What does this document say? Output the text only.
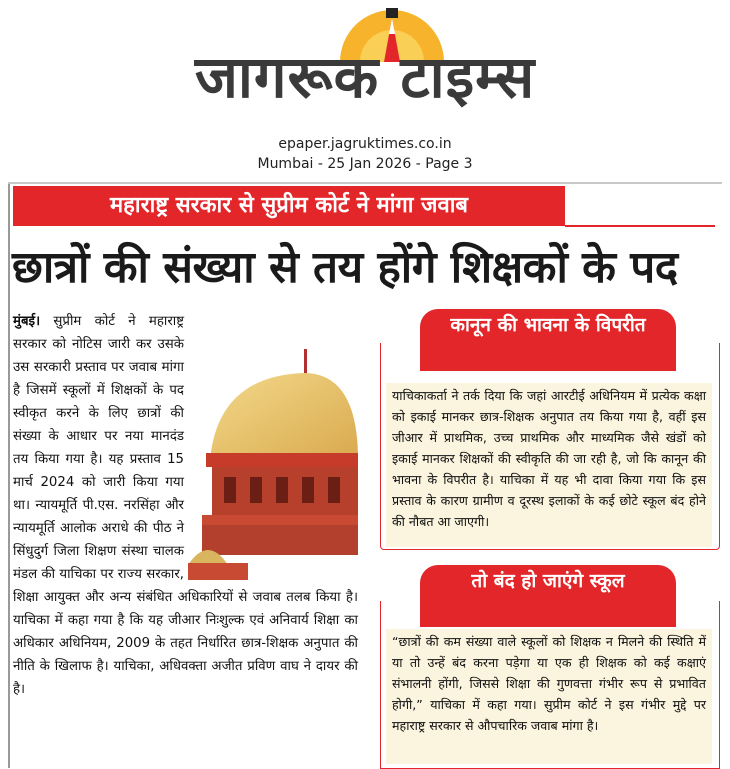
जागरूक टाइम्स
epaper.jagruktimes.co.in
Mumbai - 25 Jan 2026 - Page 3
महाराष्ट्र सरकार से सुप्रीम कोर्ट ने मांगा जवाब
छात्रों की संख्या से तय होंगे शिक्षकों के पद

मुंबई। सुप्रीम कोर्ट ने महाराष्ट्र सरकार को नोटिस जारी कर उसके उस सरकारी प्रस्ताव पर जवाब मांगा है जिसमें स्कूलों में शिक्षकों के पद स्वीकृत करने के लिए छात्रों की संख्या के आधार पर नया मानदंड तय किया गया है। यह प्रस्ताव 15 मार्च 2024 को जारी किया गया था। न्यायमूर्ति पी.एस. नरसिंहा और न्यायमूर्ति आलोक अराधे की पीठ ने सिंधुदुर्ग जिला शिक्षण संस्था चालक मंडल की याचिका पर राज्य सरकार, शिक्षा आयुक्त और अन्य संबंधित अधिकारियों से जवाब तलब किया है। याचिका में कहा गया है कि यह जीआर निःशुल्क एवं अनिवार्य शिक्षा का अधिकार अधिनियम, 2009 के तहत निर्धारित छात्र-शिक्षक अनुपात की नीति के खिलाफ है। याचिका, अधिवक्ता अजीत प्रविण वाघ ने दायर की है।

कानून की भावना के विपरीत
याचिकाकर्ता ने तर्क दिया कि जहां आरटीई अधिनियम में प्रत्येक कक्षा को इकाई मानकर छात्र-शिक्षक अनुपात तय किया गया है, वहीं इस जीआर में प्राथमिक, उच्च प्राथमिक और माध्यमिक जैसे खंडों को इकाई मानकर शिक्षकों की स्वीकृति की जा रही है, जो कि कानून की भावना के विपरीत है। याचिका में यह भी दावा किया गया कि इस प्रस्ताव के कारण ग्रामीण व दूरस्थ इलाकों के कई छोटे स्कूल बंद होने की नौबत आ जाएगी।
तो बंद हो जाएंगे स्कूल
“छात्रों की कम संख्या वाले स्कूलों को शिक्षक न मिलने की स्थिति में या तो उन्हें बंद करना पड़ेगा या एक ही शिक्षक को कई कक्षाएं संभालनी होंगी, जिससे शिक्षा की गुणवत्ता गंभीर रूप से प्रभावित होगी,” याचिका में कहा गया। सुप्रीम कोर्ट ने इस गंभीर मुद्दे पर महाराष्ट्र सरकार से औपचारिक जवाब मांगा है।
